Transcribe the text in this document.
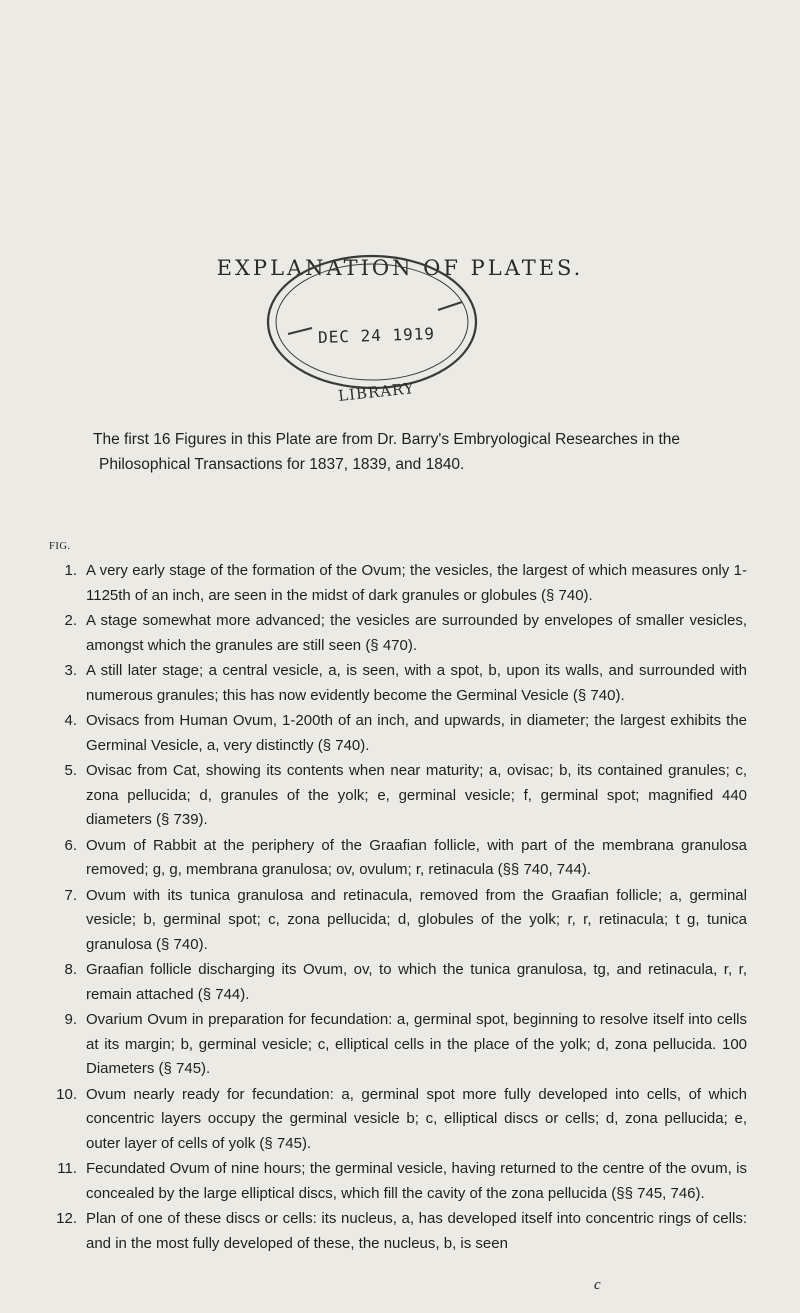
EXPLANATION OF PLATES.
DEC 24 1919
LIBRARY
The first 16 Figures in this Plate are from Dr. Barry's Embryological Researches in the
Philosophical Transactions for 1837, 1839, and 1840.
FIG.
1. A very early stage of the formation of the Ovum; the vesicles, the largest of which measures only 1-1125th of an inch, are seen in the midst of dark granules or globules (§ 740).
2. A stage somewhat more advanced; the vesicles are surrounded by envelopes of smaller vesicles, amongst which the granules are still seen (§ 470).
3. A still later stage; a central vesicle, a, is seen, with a spot, b, upon its walls, and surrounded with numerous granules; this has now evidently become the Germinal Vesicle (§ 740).
4. Ovisacs from Human Ovum, 1-200th of an inch, and upwards, in diameter; the largest exhibits the Germinal Vesicle, a, very distinctly (§ 740).
5. Ovisac from Cat, showing its contents when near maturity; a, ovisac; b, its contained granules; c, zona pellucida; d, granules of the yolk; e, germinal vesicle; f, germinal spot; magnified 440 diameters (§ 739).
6. Ovum of Rabbit at the periphery of the Graafian follicle, with part of the membrana granulosa removed; g, g, membrana granulosa; ov, ovulum; r, retinacula (§§ 740, 744).
7. Ovum with its tunica granulosa and retinacula, removed from the Graafian follicle; a, germinal vesicle; b, germinal spot; c, zona pellucida; d, globules of the yolk; r, r, retinacula; t g, tunica granulosa (§ 740).
8. Graafian follicle discharging its Ovum, ov, to which the tunica granulosa, tg, and retinacula, r, r, remain attached (§ 744).
9. Ovarium Ovum in preparation for fecundation: a, germinal spot, beginning to resolve itself into cells at its margin; b, germinal vesicle; c, elliptical cells in the place of the yolk; d, zona pellucida. 100 Diameters (§ 745).
10. Ovum nearly ready for fecundation: a, germinal spot more fully developed into cells, of which concentric layers occupy the germinal vesicle b; c, elliptical discs or cells; d, zona pellucida; e, outer layer of cells of yolk (§ 745).
11. Fecundated Ovum of nine hours; the germinal vesicle, having returned to the centre of the ovum, is concealed by the large elliptical discs, which fill the cavity of the zona pellucida (§§ 745, 746).
12. Plan of one of these discs or cells: its nucleus, a, has developed itself into concentric rings of cells: and in the most fully developed of these, the nucleus, b, is seen
c
